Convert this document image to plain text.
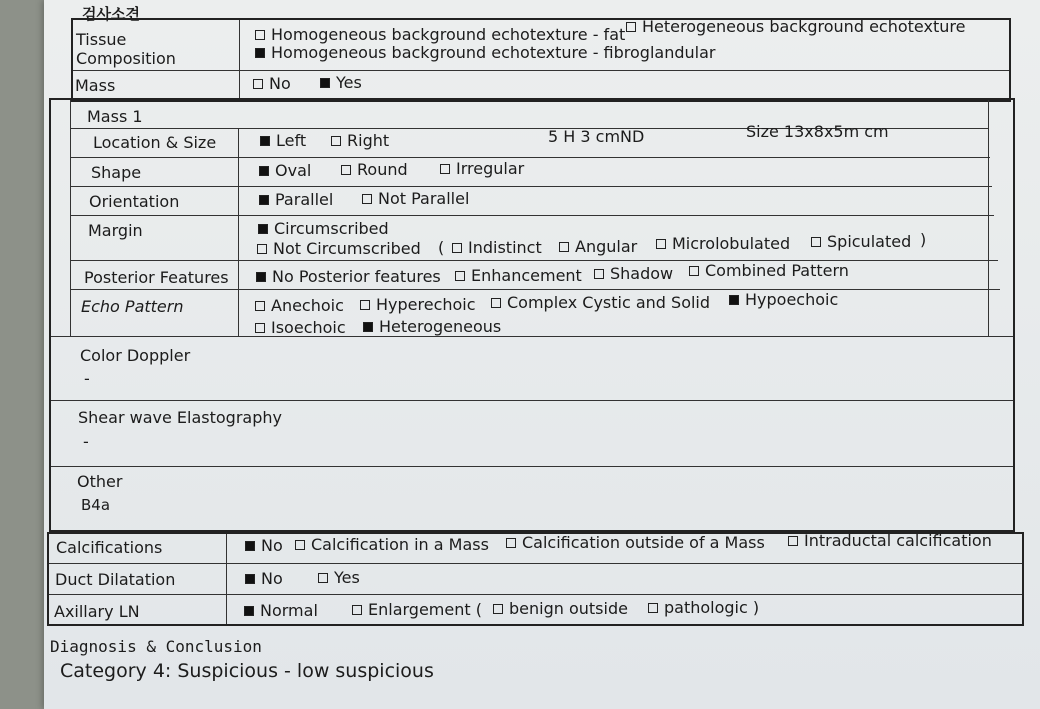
검사소견
Tissue
Composition
Homogeneous background echotexture - fat	Heterogeneous background echotexture
Homogeneous background echotexture - fibroglandular
Mass	No	Yes
Mass 1
Location & Size	Left	Right	5 H 3 cmND	Size 13x8x5m cm
Shape	Oval	Round	Irregular
Orientation	Parallel	Not Parallel
Margin	Circumscribed
Not Circumscribed (	Indistinct	Angular	Microlobulated	Spiculated )
Posterior Features	No Posterior features	Enhancement	Shadow	Combined Pattern
Echo Pattern	Anechoic	Hyperechoic	Complex Cystic and Solid	Hypoechoic
Isoechoic	Heterogeneous
Color Doppler
-
Shear wave Elastography
-
Other
B4a
Calcifications	No	Calcification in a Mass	Calcification outside of a Mass	Intraductal calcification
Duct Dilatation	No	Yes
Axillary LN	Normal	Enlargement (	benign outside	pathologic )
Diagnosis & Conclusion
Category 4: Suspicious - low suspicious
